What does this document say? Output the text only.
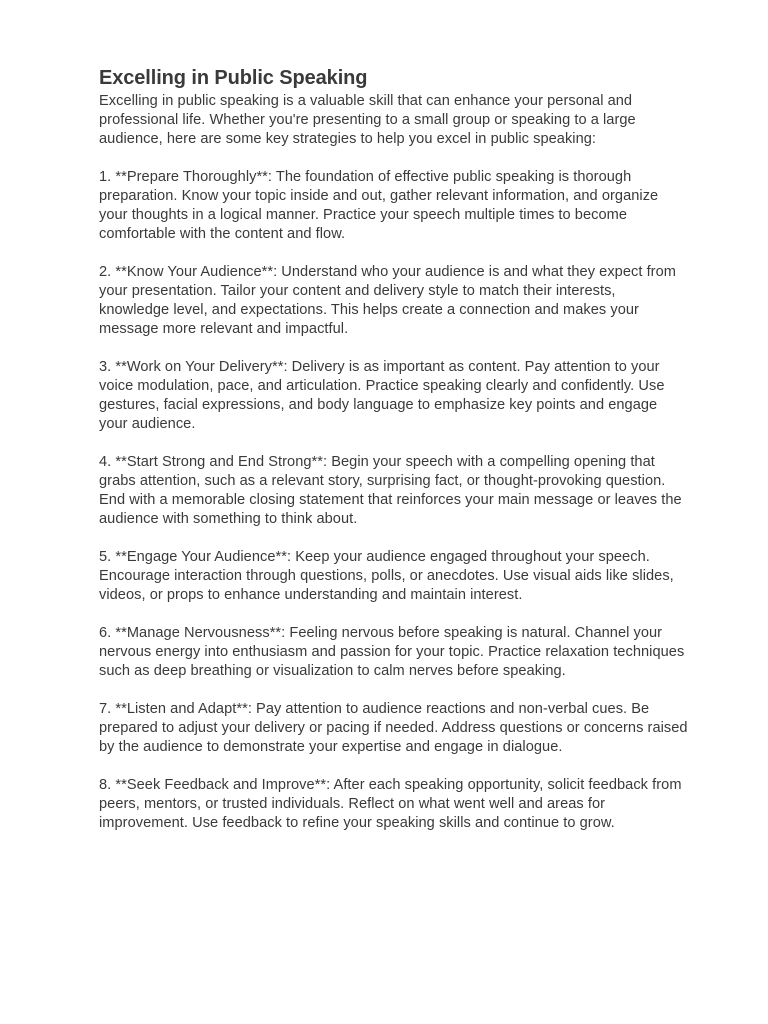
Excelling in Public Speaking

Excelling in public speaking is a valuable skill that can enhance your personal and professional life. Whether you're presenting to a small group or speaking to a large audience, here are some key strategies to help you excel in public speaking:

1. **Prepare Thoroughly**: The foundation of effective public speaking is thorough preparation. Know your topic inside and out, gather relevant information, and organize your thoughts in a logical manner. Practice your speech multiple times to become comfortable with the content and flow.

2. **Know Your Audience**: Understand who your audience is and what they expect from your presentation. Tailor your content and delivery style to match their interests, knowledge level, and expectations. This helps create a connection and makes your message more relevant and impactful.

3. **Work on Your Delivery**: Delivery is as important as content. Pay attention to your voice modulation, pace, and articulation. Practice speaking clearly and confidently. Use gestures, facial expressions, and body language to emphasize key points and engage your audience.

4. **Start Strong and End Strong**: Begin your speech with a compelling opening that grabs attention, such as a relevant story, surprising fact, or thought-provoking question. End with a memorable closing statement that reinforces your main message or leaves the audience with something to think about.

5. **Engage Your Audience**: Keep your audience engaged throughout your speech. Encourage interaction through questions, polls, or anecdotes. Use visual aids like slides, videos, or props to enhance understanding and maintain interest.

6. **Manage Nervousness**: Feeling nervous before speaking is natural. Channel your nervous energy into enthusiasm and passion for your topic. Practice relaxation techniques such as deep breathing or visualization to calm nerves before speaking.

7. **Listen and Adapt**: Pay attention to audience reactions and non-verbal cues. Be prepared to adjust your delivery or pacing if needed. Address questions or concerns raised by the audience to demonstrate your expertise and engage in dialogue.

8. **Seek Feedback and Improve**: After each speaking opportunity, solicit feedback from peers, mentors, or trusted individuals. Reflect on what went well and areas for improvement. Use feedback to refine your speaking skills and continue to grow.
